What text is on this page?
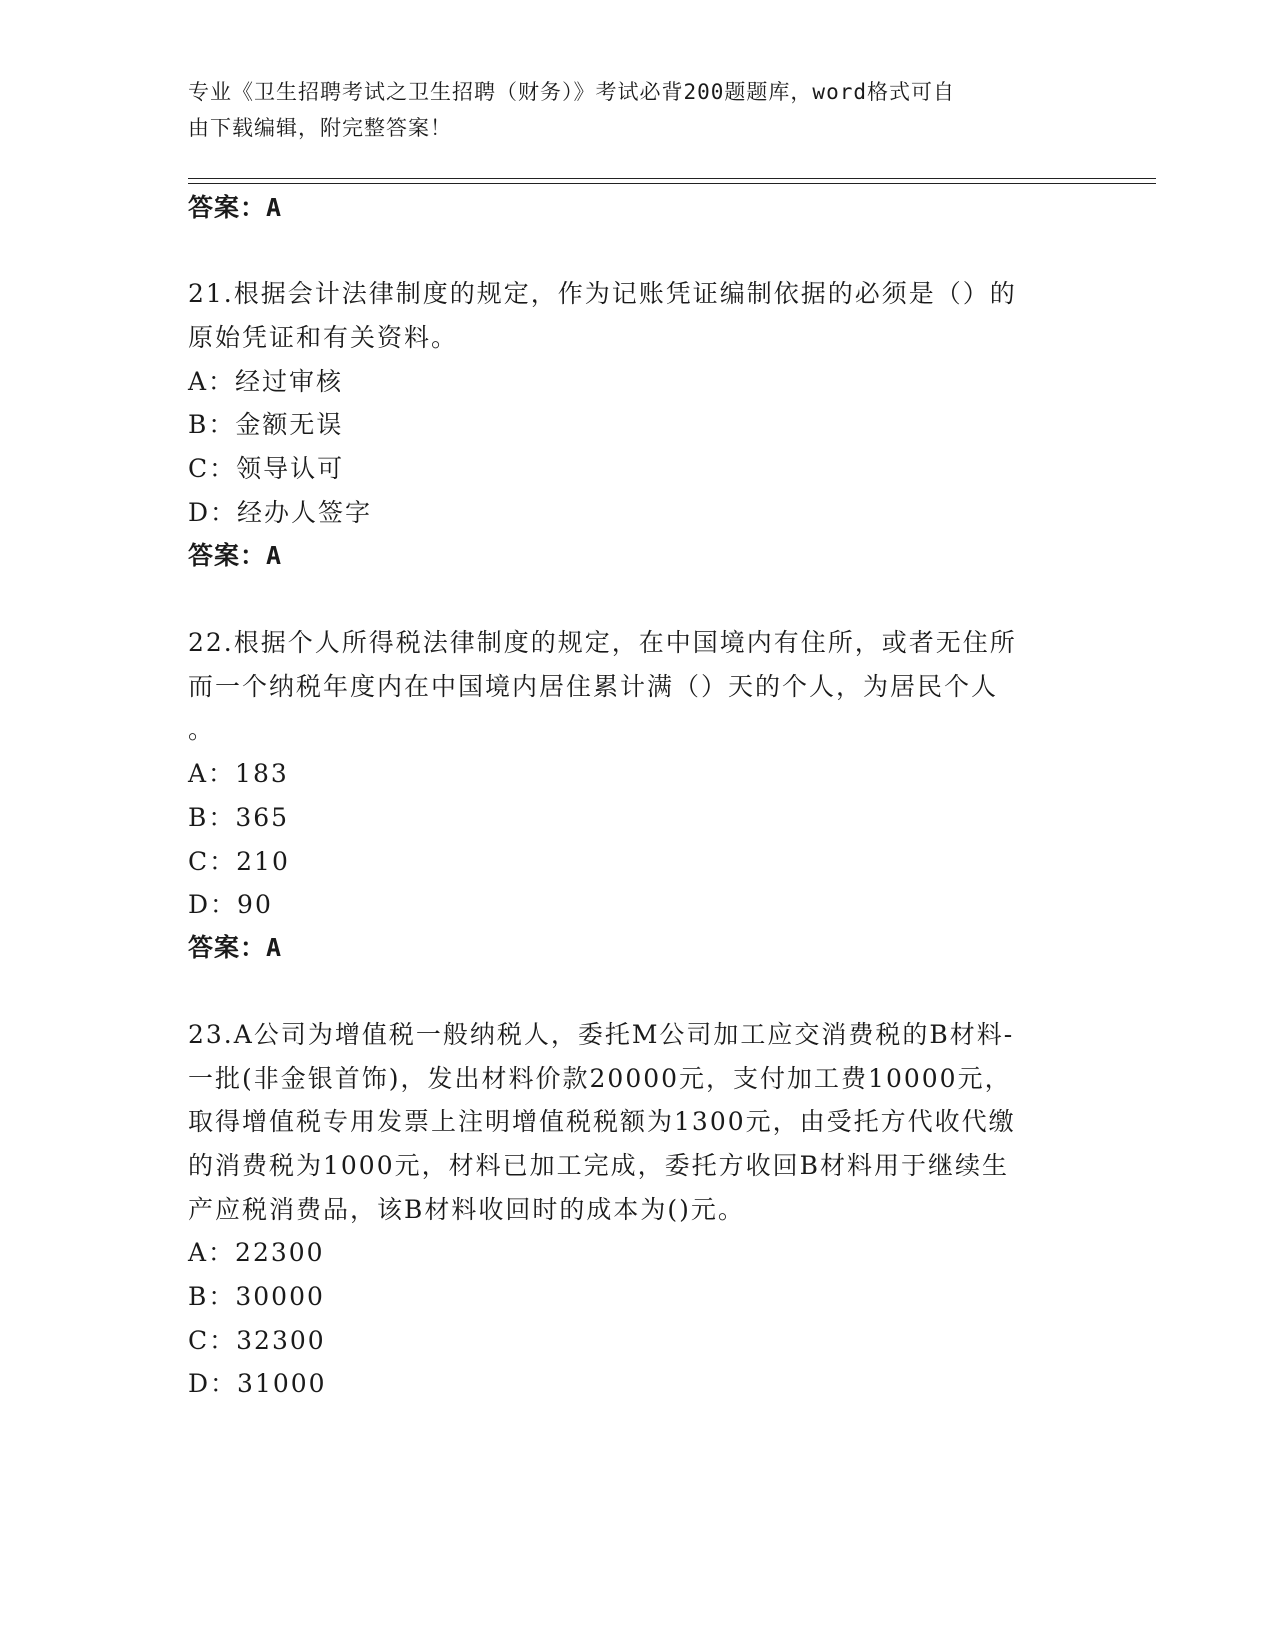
专业《卫生招聘考试之卫生招聘（财务）》考试必背200题题库，word格式可自
由下载编辑，附完整答案！
答案：A
21.根据会计法律制度的规定，作为记账凭证编制依据的必须是（）的
原始凭证和有关资料。
A：经过审核
B：金额无误
C：领导认可
D：经办人签字
答案：A
22.根据个人所得税法律制度的规定，在中国境内有住所，或者无住所
而一个纳税年度内在中国境内居住累计满（）天的个人，为居民个人
。
A：183
B：365
C：210
D：90
答案：A
23.A公司为增值税一般纳税人，委托M公司加工应交消费税的B材料-
一批(非金银首饰)，发出材料价款20000元，支付加工费10000元，
取得增值税专用发票上注明增值税税额为1300元，由受托方代收代缴
的消费税为1000元，材料已加工完成，委托方收回B材料用于继续生
产应税消费品，该B材料收回时的成本为()元。
A：22300
B：30000
C：32300
D：31000
